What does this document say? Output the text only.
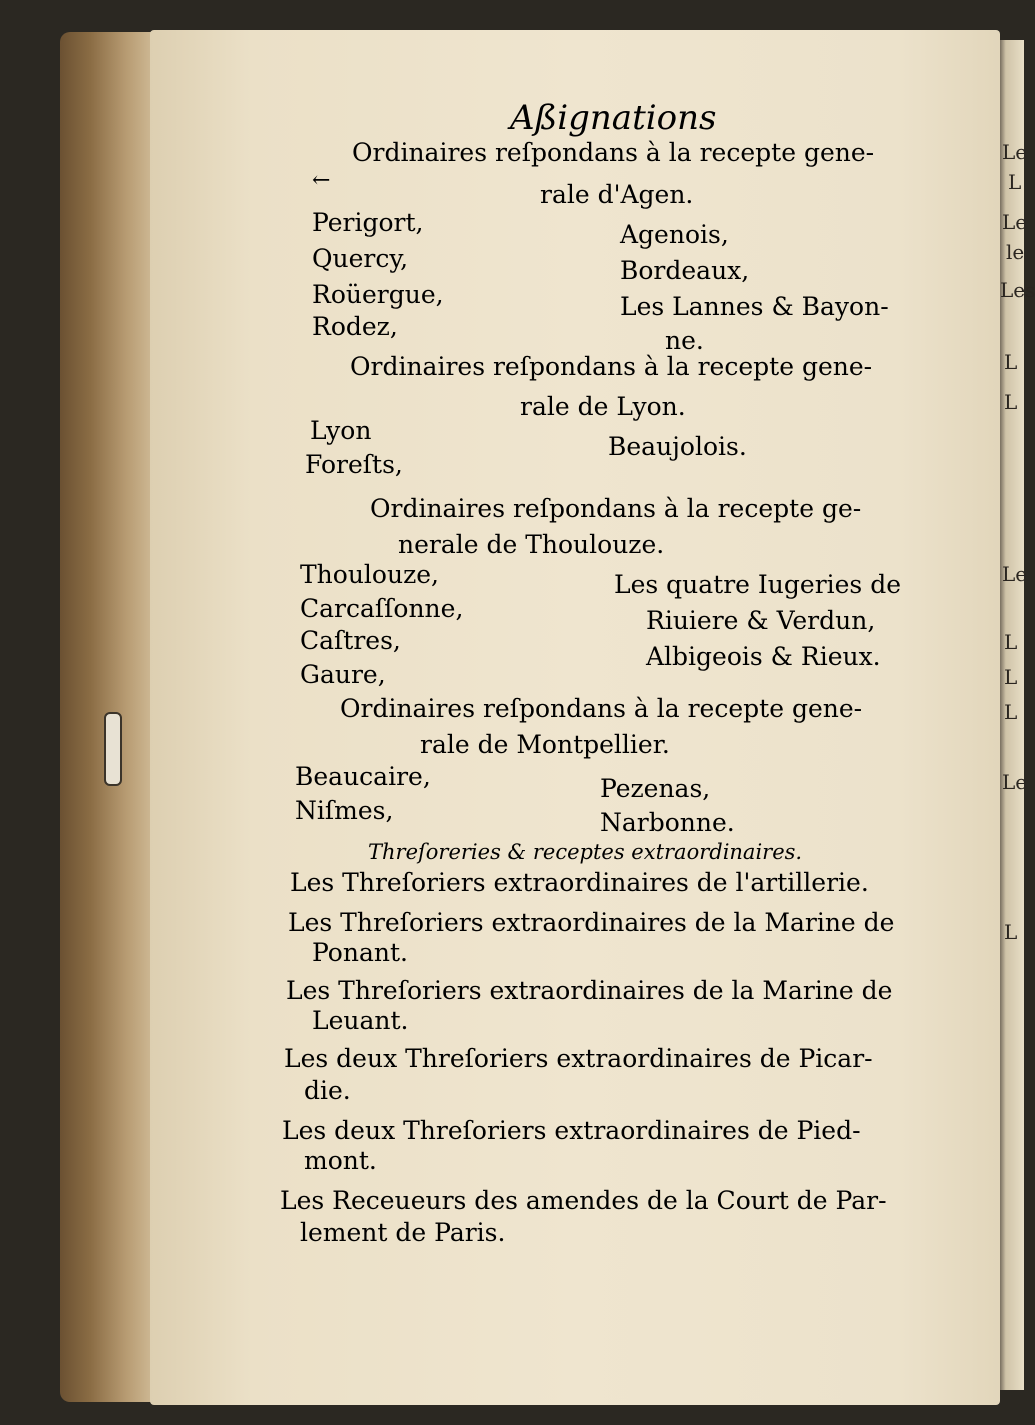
Le
L
Le
le
Les
L
L
Le
L
L
L
Le
L
Aßignations
←
Ordinaires reſpondans à la recepte gene-
rale d'Agen.
Perigort,
Quercy,
Roüergue,
Rodez,
Agenois,
Bordeaux,
Les Lannes & Bayon-
ne.
Ordinaires reſpondans à la recepte gene-
rale de Lyon.
Lyon
Foreſts,
Beaujolois.
Ordinaires reſpondans à la recepte ge-
nerale de Thoulouze.
Thoulouze,
Carcaſſonne,
Caſtres,
Gaure,
Les quatre Iugeries de
Riuiere & Verdun,
Albigeois & Rieux.
Ordinaires reſpondans à la recepte gene-
rale de Montpellier.
Beaucaire,
Niſmes,
Pezenas,
Narbonne.
Threſoreries & receptes extraordinaires.
Les Threſoriers extraordinaires de l'artillerie.
Les Threſoriers extraordinaires de la Marine de
Ponant.
Les Threſoriers extraordinaires de la Marine de
Leuant.
Les deux Threſoriers extraordinaires de Picar-
die.
Les deux Threſoriers extraordinaires de Pied-
mont.
Les Receueurs des amendes de la Court de Par-
lement de Paris.
